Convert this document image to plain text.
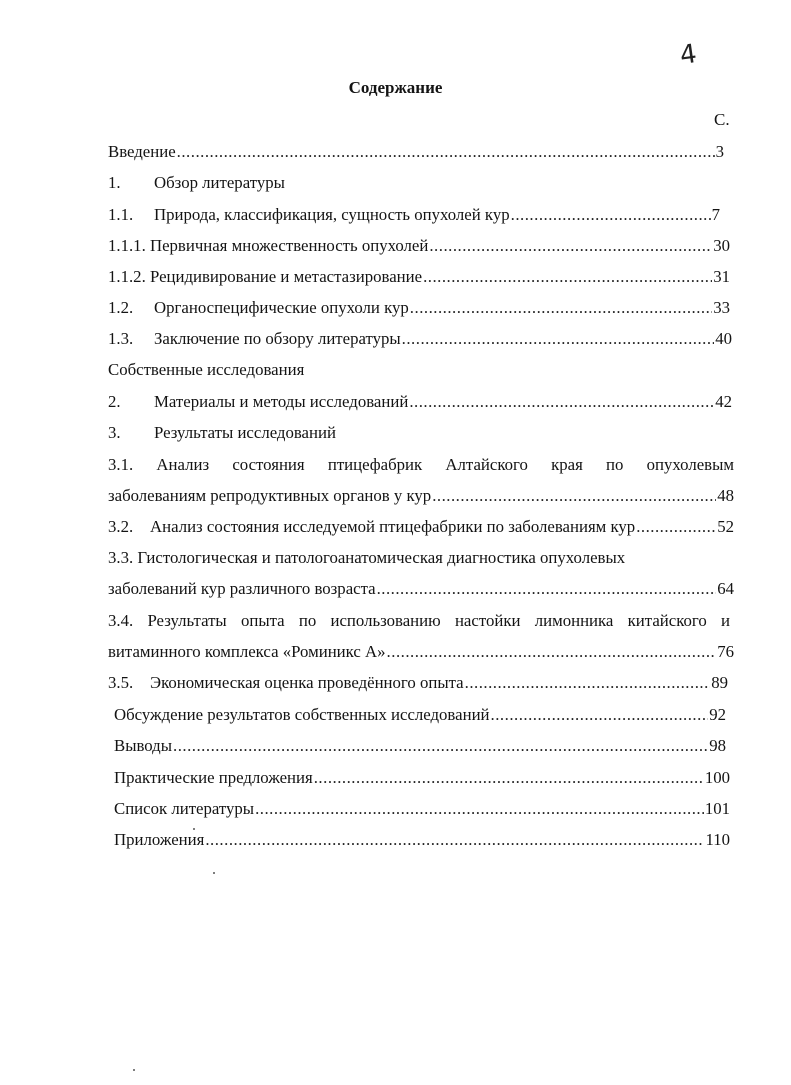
4
Содержание
С.
Введение .....	3
1. Обзор литературы
1.1. Природа, классификация, сущность опухолей кур .....	7
1.1.1. Первичная множественность опухолей .....	30
1.1.2. Рецидивирование и метастазирование .....	31
1.2. Органоспецифические опухоли кур .....	33
1.3. Заключение по обзору литературы .....	40
Собственные исследования
2. Материалы и методы исследований .....	42
3. Результаты исследований
3.1. Анализ состояния птицефабрик Алтайского края по опухолевым
заболеваниям репродуктивных органов у кур .....	48
3.2. Анализ состояния исследуемой птицефабрики по заболеваниям кур .....	52
3.3. Гистологическая и патологоанатомическая диагностика опухолевых
заболеваний кур различного возраста .....	64
3.4. Результаты опыта по использованию настойки лимонника китайского и
витаминного комплекса «Роминикс А» .....	76
3.5. Экономическая оценка проведённого опыта .....	89
Обсуждение результатов собственных исследований .....	92
Выводы .....	98
Практические предложения .....	100
Список литературы .....	101
Приложения .....	110
